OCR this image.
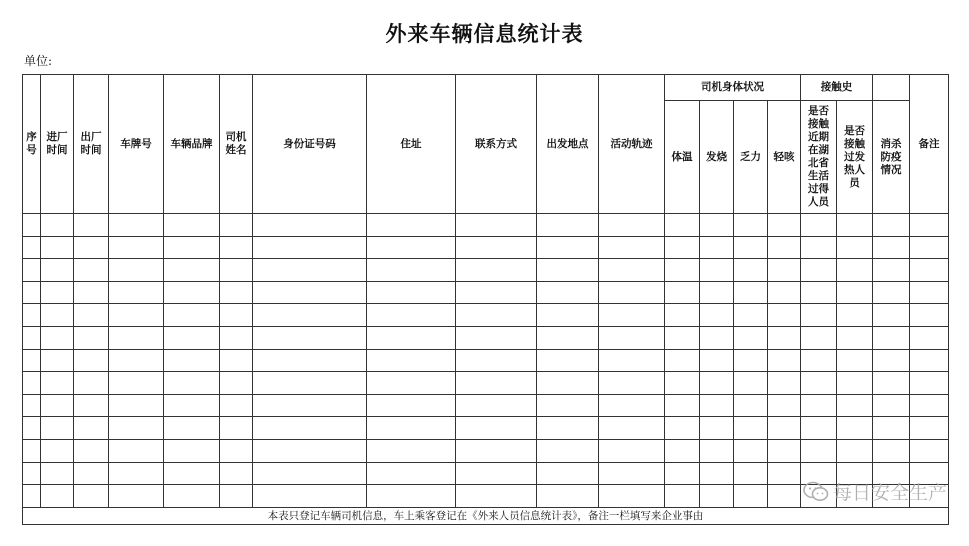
外来车辆信息统计表
单位:
序号	进厂时间	出厂时间	车牌号	车辆品牌	司机姓名	身份证号码	住址	联系方式	出发地点	活动轨迹	司机身体状况				接触史			备注
											体温	发烧	乏力	轻咳	是否接触近期在湖北省生活过得人员	是否接触过发热人员	消杀防疫情况	

本表只登记车辆司机信息，车上乘客登记在《外来人员信息统计表》，备注一栏填写来企业事由																		
每日安全生产
